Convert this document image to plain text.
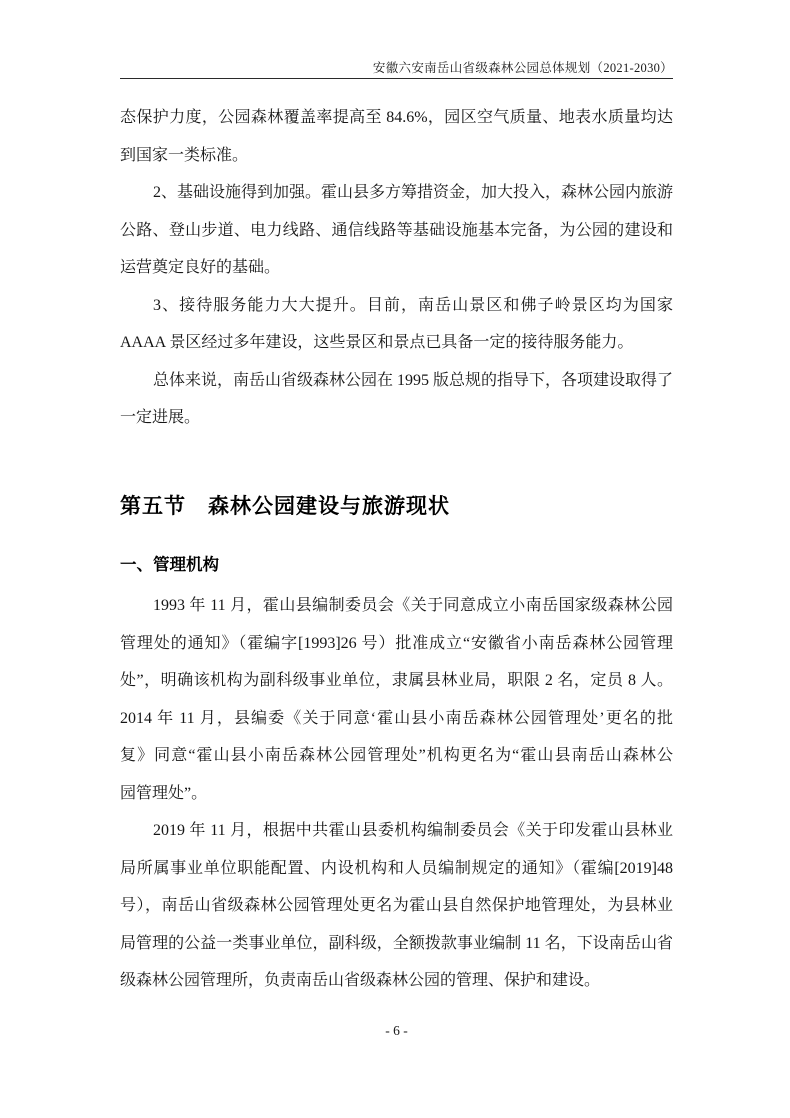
安徽六安南岳山省级森林公园总体规划（2021-2030）
态保护力度，公园森林覆盖率提高至 84.6%，园区空气质量、地表水质量均达
到国家一类标准。
2、基础设施得到加强。霍山县多方筹措资金，加大投入，森林公园内旅游
公路、登山步道、电力线路、通信线路等基础设施基本完备，为公园的建设和
运营奠定良好的基础。
3、接待服务能力大大提升。目前，南岳山景区和佛子岭景区均为国家
AAAA 景区经过多年建设，这些景区和景点已具备一定的接待服务能力。
总体来说，南岳山省级森林公园在 1995 版总规的指导下，各项建设取得了
一定进展。
第五节　森林公园建设与旅游现状
一、管理机构
1993 年 11 月，霍山县编制委员会《关于同意成立小南岳国家级森林公园
管理处的通知》（霍编字[1993]26 号）批准成立“安徽省小南岳森林公园管理
处”，明确该机构为副科级事业单位，隶属县林业局，职限 2 名，定员 8 人。
2014 年 11 月，县编委《关于同意‘霍山县小南岳森林公园管理处’更名的批
复》同意“霍山县小南岳森林公园管理处”机构更名为“霍山县南岳山森林公
园管理处”。
2019 年 11 月，根据中共霍山县委机构编制委员会《关于印发霍山县林业
局所属事业单位职能配置、内设机构和人员编制规定的通知》（霍编[2019]48
号），南岳山省级森林公园管理处更名为霍山县自然保护地管理处，为县林业
局管理的公益一类事业单位，副科级，全额拨款事业编制 11 名，下设南岳山省
级森林公园管理所，负责南岳山省级森林公园的管理、保护和建设。
- 6 -
